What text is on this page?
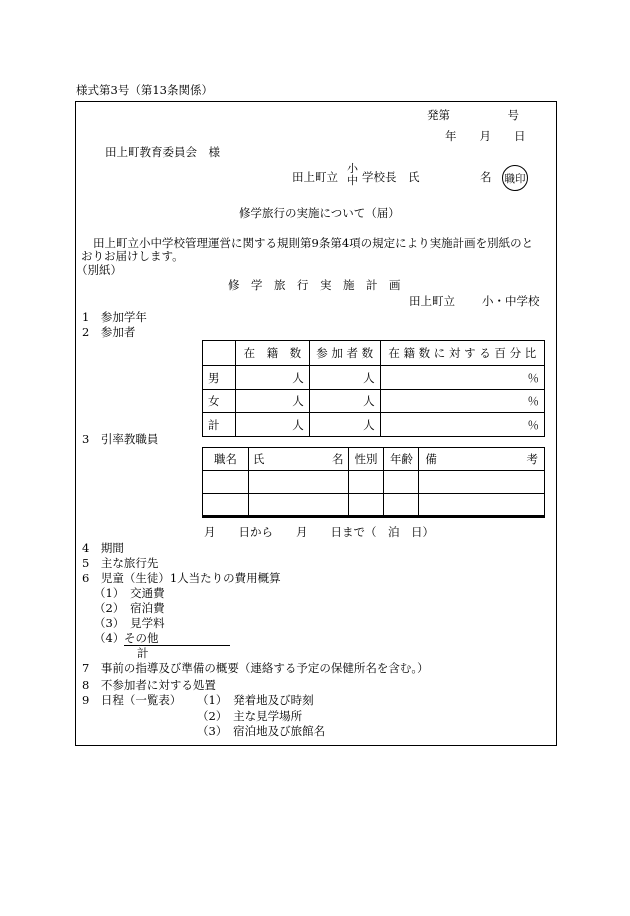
様式第3号（第13条関係）
発第　　　　　号
年　　月　　日
田上町教育委員会　様
田上町立
小
中 学校長　氏	名 職印
修学旅行の実施について（届）
田上町立小中学校管理運営に関する規則第9条第4項の規定により実施計画を別紙のと
おりお届けします。
（別紙）
修　学　旅　行　実　施　計　画
田上町立 小・中学校
1　参加学年
2　参加者
	在　籍　数	参 加 者 数	在 籍 数 に 対 す る 百 分 比
男	人	人	％
女	人	人	％
計	人	人	％
3　引率教職員
職名	氏 名	性別	年齢	備 考

月　　日から　　月　　日まで（　泊　日）
4　期間
5　主な旅行先
6　児童（生徒）1人当たりの費用概算
（1）　交通費
（2）　宿泊費
（3）　見学料
（4） その他
計
7　事前の指導及び準備の概要（連絡する予定の保健所名を含む。）
8　不参加者に対する処置
9　日程（一覧表） （1）　発着地及び時刻
（2）　主な見学場所
（3）　宿泊地及び旅館名
